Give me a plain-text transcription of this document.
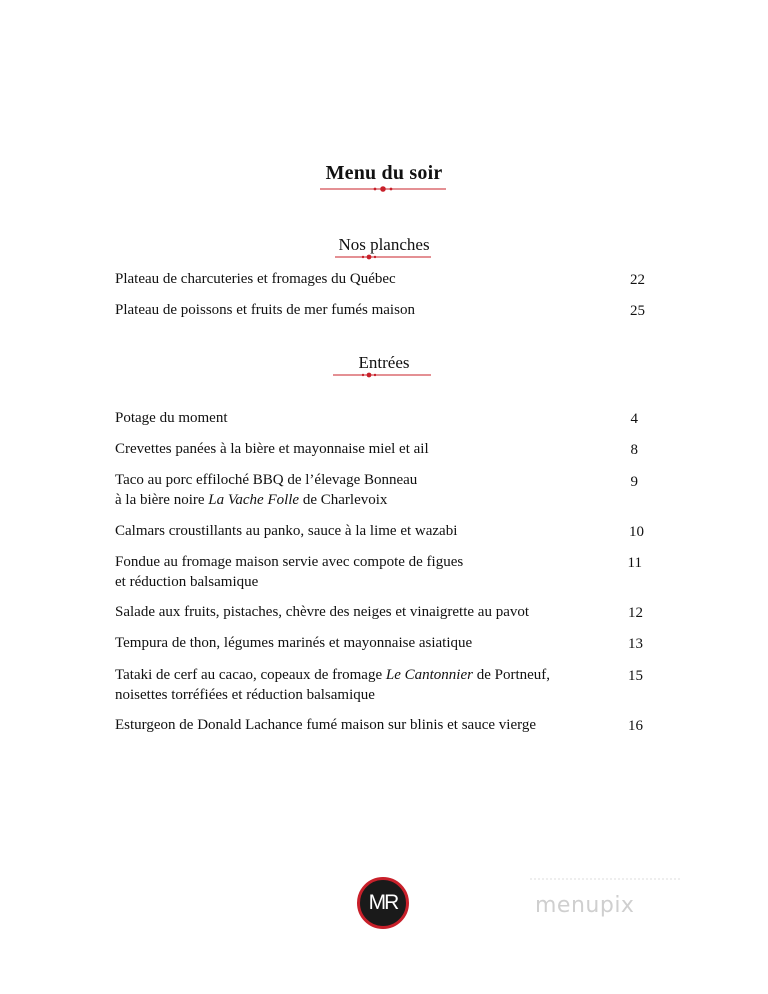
Menu du soir
Nos planches
Plateau de charcuteries et fromages du Québec	22
Plateau de poissons et fruits de mer fumés maison	25
Entrées
Potage du moment	4
Crevettes panées à la bière et mayonnaise miel et ail	8
Taco au porc effiloché BBQ de l’élevage Bonneau
à la bière noire La Vache Folle de Charlevoix
9
Calmars croustillants au panko, sauce à la lime et wazabi	10
Fondue au fromage maison servie avec compote de figues
et réduction balsamique
11
Salade aux fruits, pistaches, chèvre des neiges et vinaigrette au pavot	12
Tempura de thon, légumes marinés et mayonnaise asiatique	13
Tataki de cerf au cacao, copeaux de fromage Le Cantonnier de Portneuf,
noisettes torréfiées et réduction balsamique
15
Esturgeon de Donald Lachance fumé maison sur blinis et sauce vierge	16
MR	menupix
